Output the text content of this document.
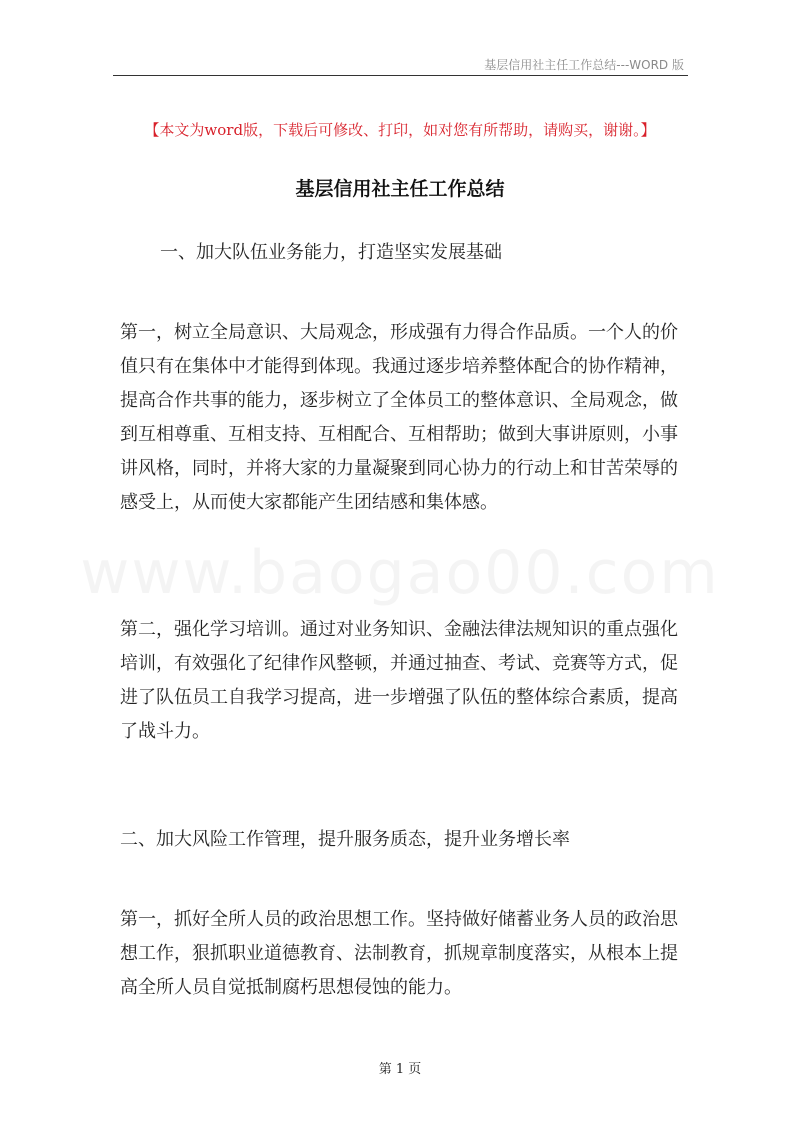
基层信用社主任工作总结---WORD 版
【本文为word版，下载后可修改、打印，如对您有所帮助，请购买，谢谢。】
基层信用社主任工作总结

一、加大队伍业务能力，打造坚实发展基础

第一，树立全局意识、大局观念，形成强有力得合作品质。一个人的价值只有在集体中才能得到体现。我通过逐步培养整体配合的协作精神，提高合作共事的能力，逐步树立了全体员工的整体意识、全局观念，做到互相尊重、互相支持、互相配合、互相帮助；做到大事讲原则，小事讲风格，同时，并将大家的力量凝聚到同心协力的行动上和甘苦荣辱的感受上，从而使大家都能产生团结感和集体感。

第二，强化学习培训。通过对业务知识、金融法律法规知识的重点强化培训，有效强化了纪律作风整顿，并通过抽查、考试、竞赛等方式，促进了队伍员工自我学习提高，进一步增强了队伍的整体综合素质，提高了战斗力。

二、加大风险工作管理，提升服务质态，提升业务增长率

第一，抓好全所人员的政治思想工作。坚持做好储蓄业务人员的政治思想工作，狠抓职业道德教育、法制教育，抓规章制度落实，从根本上提高全所人员自觉抵制腐朽思想侵蚀的能力。

第 1 页
